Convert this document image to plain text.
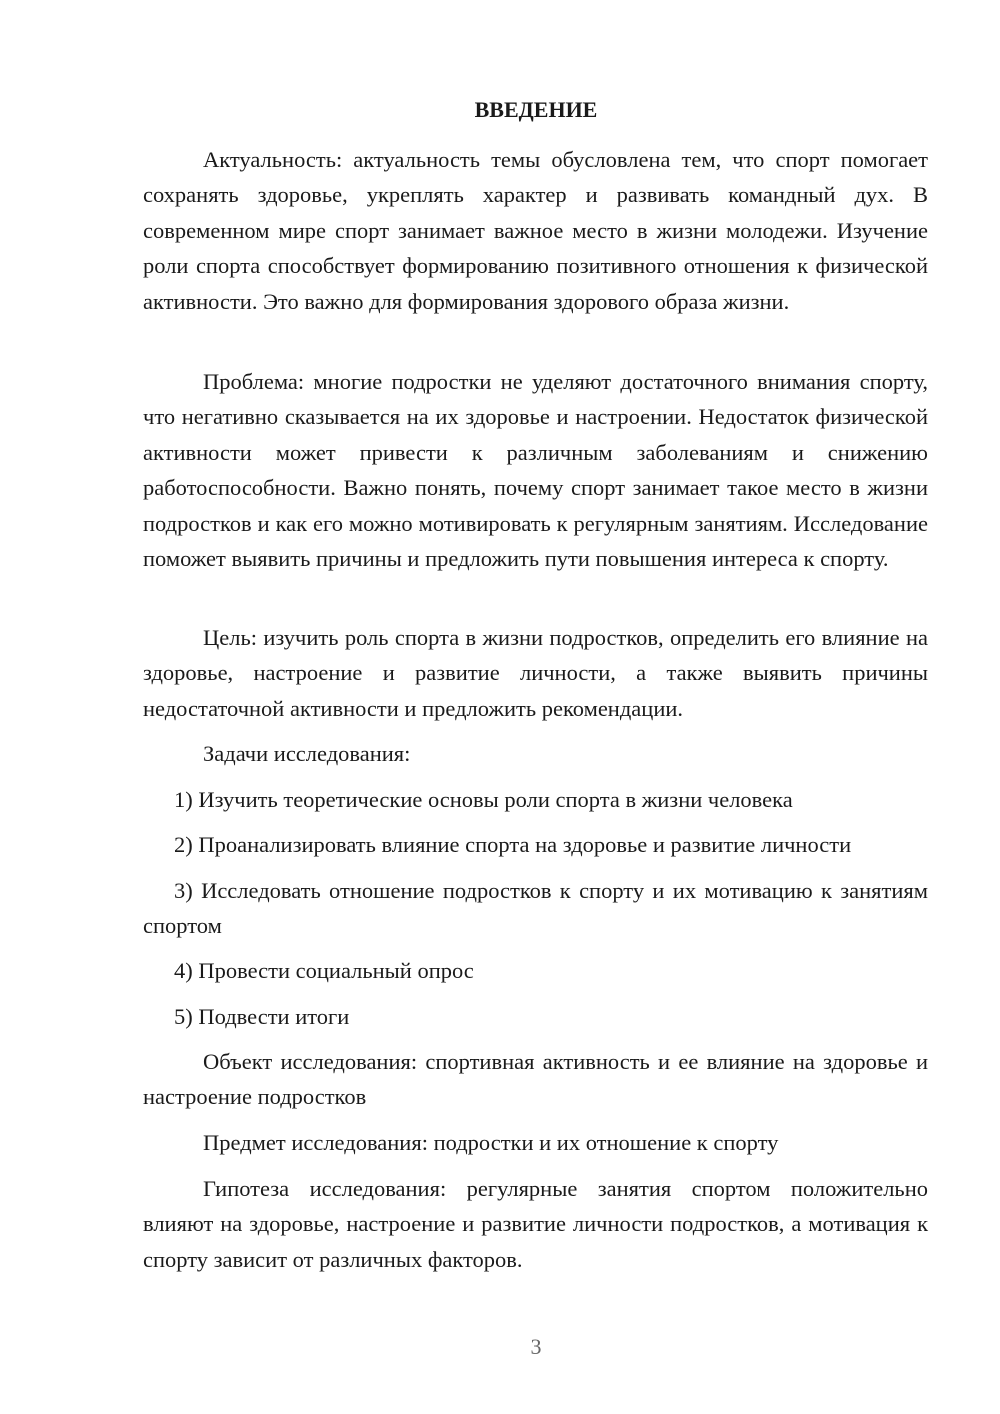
ВВЕДЕНИЕ

Актуальность: актуальность темы обусловлена тем, что спорт помогает сохранять здоровье, укреплять характер и развивать командный дух. В современном мире спорт занимает важное место в жизни молодежи. Изучение роли спорта способствует формированию позитивного отношения к физической активности. Это важно для формирования здорового образа жизни.

Проблема: многие подростки не уделяют достаточного внимания спорту, что негативно сказывается на их здоровье и настроении. Недостаток физической активности может привести к различным заболеваниям и снижению работоспособности. Важно понять, почему спорт занимает такое место в жизни подростков и как его можно мотивировать к регулярным занятиям. Исследование поможет выявить причины и предложить пути повышения интереса к спорту.

Цель: изучить роль спорта в жизни подростков, определить его влияние на здоровье, настроение и развитие личности, а также выявить причины недостаточной активности и предложить рекомендации.

Задачи исследования:

1) Изучить теоретические основы роли спорта в жизни человека

2) Проанализировать влияние спорта на здоровье и развитие личности

3) Исследовать отношение подростков к спорту и их мотивацию к занятиям спортом

4) Провести социальный опрос

5) Подвести итоги

Объект исследования: спортивная активность и ее влияние на здоровье и настроение подростков

Предмет исследования: подростки и их отношение к спорту

Гипотеза исследования: регулярные занятия спортом положительно влияют на здоровье, настроение и развитие личности подростков, а мотивация к спорту зависит от различных факторов.

3
